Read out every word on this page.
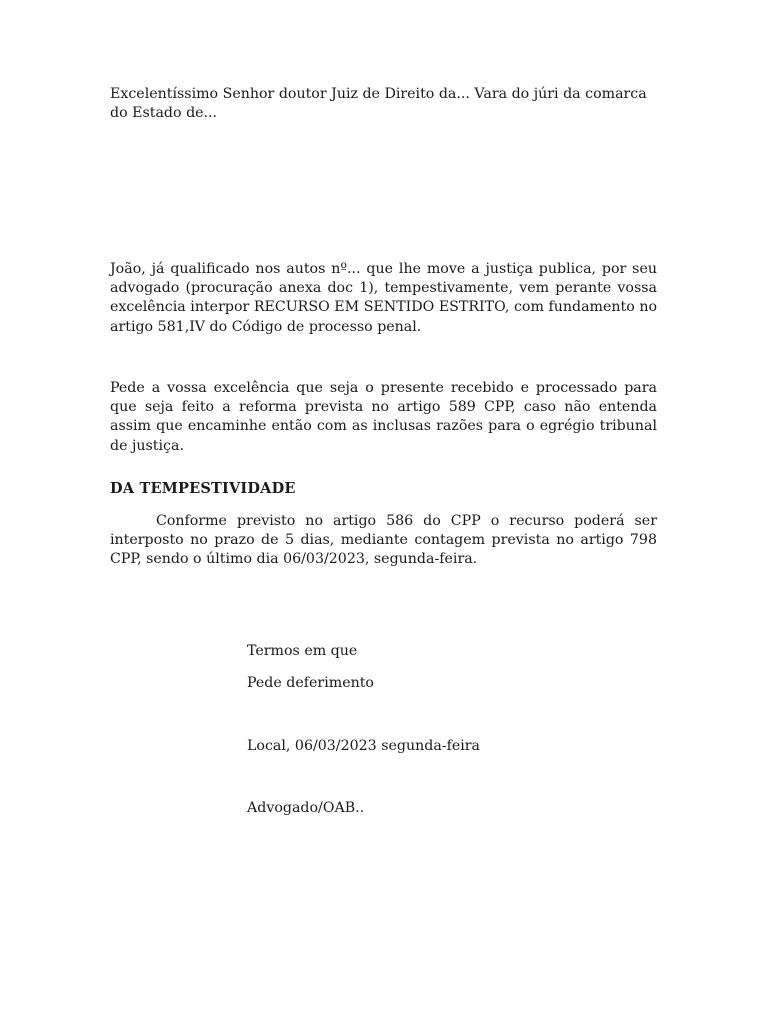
Excelentíssimo Senhor doutor Juiz de Direito da... Vara do júri da comarca do Estado de...

João, já qualificado nos autos nº... que lhe move a justiça publica, por seu advogado (procuração anexa doc 1), tempestivamente, vem perante vossa excelência interpor RECURSO EM SENTIDO ESTRITO, com fundamento no artigo 581,IV do Código de processo penal.

Pede a vossa excelência que seja o presente recebido e processado para que seja feito a reforma prevista no artigo 589 CPP, caso não entenda assim que encaminhe então com as inclusas razões para o egrégio tribunal de justiça.

DA TEMPESTIVIDADE

Conforme previsto no artigo 586 do CPP o recurso poderá ser interposto no prazo de 5 dias, mediante contagem prevista no artigo 798 CPP, sendo o último dia 06/03/2023, segunda-feira.

Termos em que

Pede deferimento

Local, 06/03/2023 segunda-feira

Advogado/OAB..
